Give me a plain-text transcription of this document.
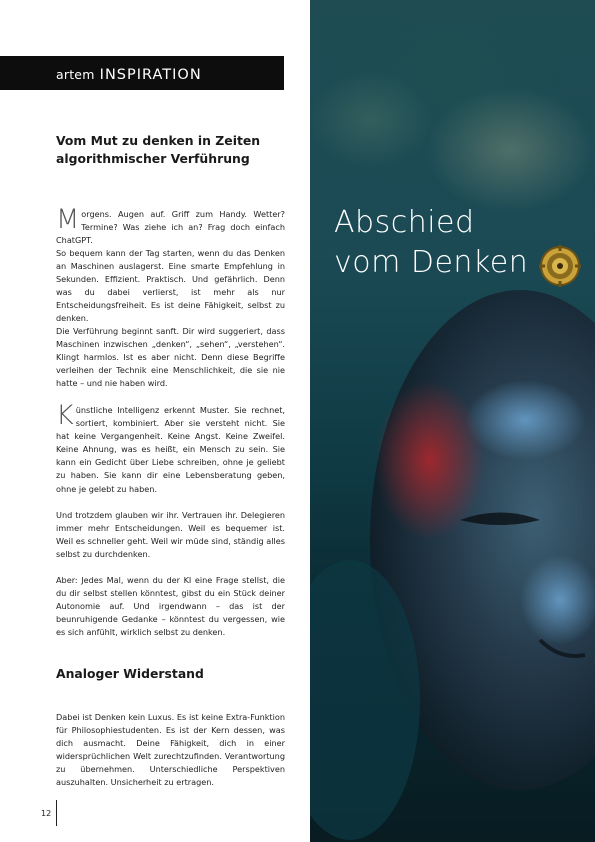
artem INSPIRATION
Vom Mut zu denken in Zeiten
algorithmischer Verführung

Morgens. Augen auf. Griff zum Handy. Wetter? Termine? Was ziehe ich an? Frag doch einfach ChatGPT.

So bequem kann der Tag starten, wenn du das Denken an Maschinen auslagerst. Eine smarte Empfehlung in Sekunden. Effizient. Praktisch. Und gefährlich. Denn was du dabei verlierst, ist mehr als nur Entscheidungsfreiheit. Es ist deine Fähigkeit, selbst zu denken.

Die Verführung beginnt sanft. Dir wird suggeriert, dass Maschinen inzwischen „denken“, „sehen“, „verstehen“. Klingt harmlos. Ist es aber nicht. Denn diese Begriffe verleihen der Technik eine Menschlichkeit, die sie nie hatte – und nie haben wird.

Künstliche Intelligenz erkennt Muster. Sie rechnet, sortiert, kombiniert. Aber sie versteht nicht. Sie hat keine Vergangenheit. Keine Angst. Keine Zweifel. Keine Ahnung, was es heißt, ein Mensch zu sein. Sie kann ein Gedicht über Liebe schreiben, ohne je geliebt zu haben. Sie kann dir eine Lebensberatung geben, ohne je gelebt zu haben.

Und trotzdem glauben wir ihr. Vertrauen ihr. Delegieren immer mehr Entscheidungen. Weil es bequemer ist. Weil es schneller geht. Weil wir müde sind, ständig alles selbst zu durchdenken.

Aber: Jedes Mal, wenn du der KI eine Frage stellst, die du dir selbst stellen könntest, gibst du ein Stück deiner Autonomie auf. Und irgendwann – das ist der beunruhigende Gedanke – könntest du vergessen, wie es sich anfühlt, wirklich selbst zu denken.

Analoger Widerstand

Dabei ist Denken kein Luxus. Es ist keine Extra-Funktion für Philosophiestudenten. Es ist der Kern dessen, was dich ausmacht. Deine Fähigkeit, dich in einer widersprüchlichen Welt zurechtzufinden. Verantwortung zu übernehmen. Unterschiedliche Perspektiven auszuhalten. Unsicherheit zu ertragen.

12
Abschied
vom Denken
